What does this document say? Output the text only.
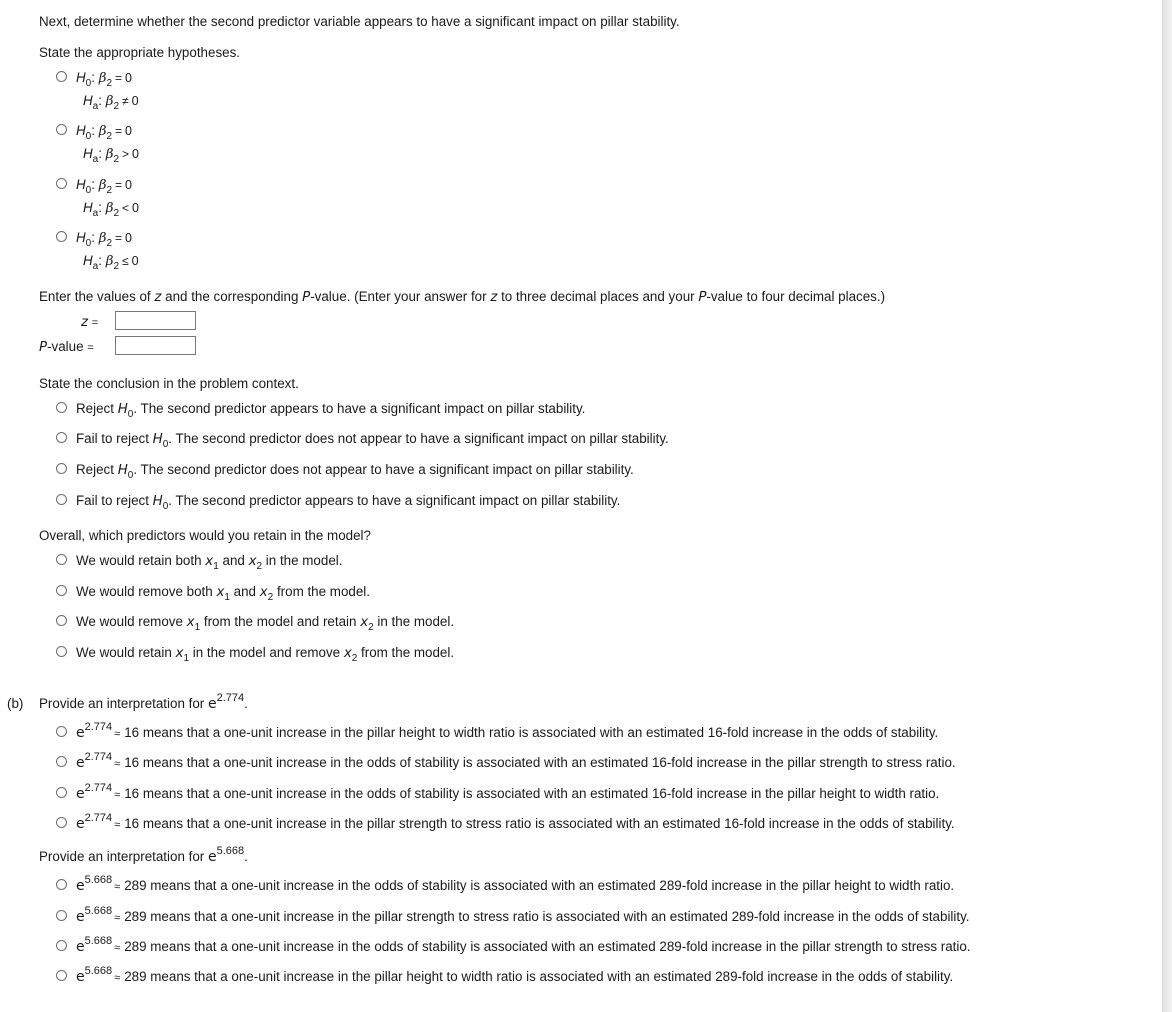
Next, determine whether the second predictor variable appears to have a significant impact on pillar stability.
State the appropriate hypotheses.
$H_0$: $\beta_2 = 0$
$H_a$: $\beta_2 \ne 0$
$H_0$: $\beta_2 = 0$
$H_a$: $\beta_2 > 0$
$H_0$: $\beta_2 = 0$
$H_a$: $\beta_2 < 0$
$H_0$: $\beta_2 = 0$
$H_a$: $\beta_2 \le 0$
Enter the values of z and the corresponding P-value. (Enter your answer for z to three decimal places and your P-value to four decimal places.)
z =
P-value =
State the conclusion in the problem context.
Reject $H_0$. The second predictor appears to have a significant impact on pillar stability.
Fail to reject $H_0$. The second predictor does not appear to have a significant impact on pillar stability.
Reject $H_0$. The second predictor does not appear to have a significant impact on pillar stability.
Fail to reject $H_0$. The second predictor appears to have a significant impact on pillar stability.
Overall, which predictors would you retain in the model?
We would retain both $x_1$ and $x_2$ in the model.
We would remove both $x_1$ and $x_2$ from the model.
We would remove $x_1$ from the model and retain $x_2$ in the model.
We would retain $x_1$ in the model and remove $x_2$ from the model.
(b) Provide an interpretation for $e^{2.774}$.
$e^{2.774}\approx 16$ means that a one-unit increase in the pillar height to width ratio is associated with an estimated 16-fold increase in the odds of stability.
$e^{2.774}\approx 16$ means that a one-unit increase in the odds of stability is associated with an estimated 16-fold increase in the pillar strength to stress ratio.
$e^{2.774}\approx 16$ means that a one-unit increase in the odds of stability is associated with an estimated 16-fold increase in the pillar height to width ratio.
$e^{2.774}\approx 16$ means that a one-unit increase in the pillar strength to stress ratio is associated with an estimated 16-fold increase in the odds of stability.
Provide an interpretation for $e^{5.668}$.
$e^{5.668}\approx 289$ means that a one-unit increase in the odds of stability is associated with an estimated 289-fold increase in the pillar height to width ratio.
$e^{5.668}\approx 289$ means that a one-unit increase in the pillar strength to stress ratio is associated with an estimated 289-fold increase in the odds of stability.
$e^{5.668}\approx 289$ means that a one-unit increase in the odds of stability is associated with an estimated 289-fold increase in the pillar strength to stress ratio.
$e^{5.668}\approx 289$ means that a one-unit increase in the pillar height to width ratio is associated with an estimated 289-fold increase in the odds of stability.
